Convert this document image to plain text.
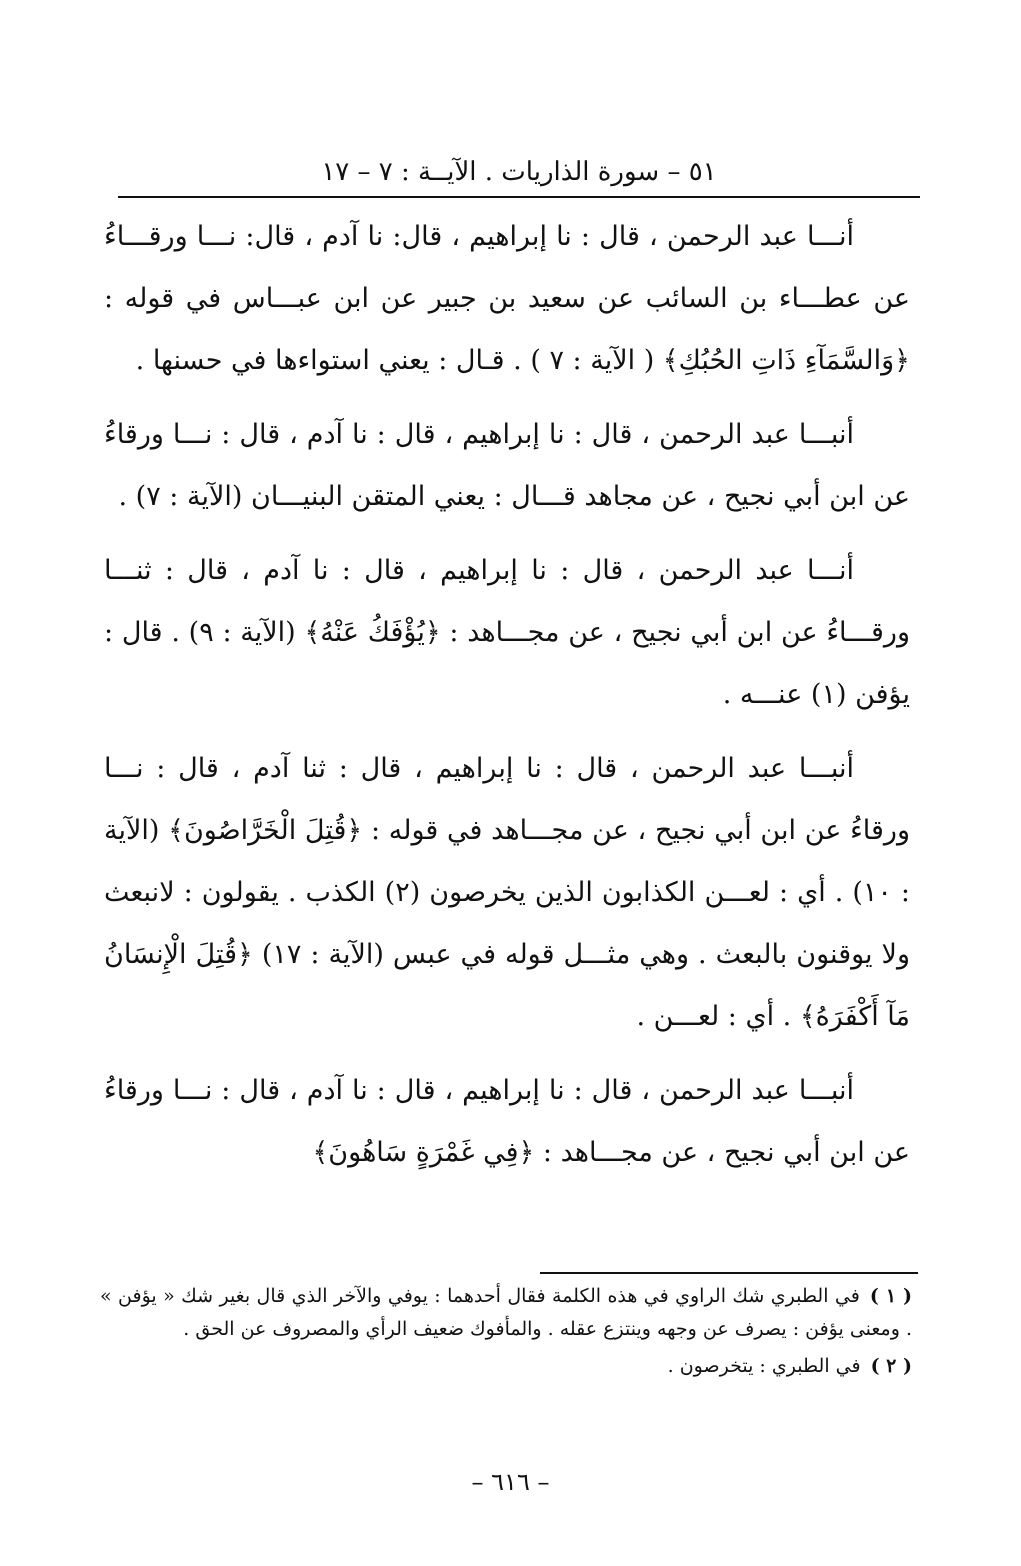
٥١ – سورة الذاريات . الآيــة : ٧ – ١٧

أنـــا عبد الرحمن ، قال : نا إبراهيم ، قال: نا آدم ، قال: نـــا ورقـــاءُ عن عطـــاء بن السائب عن سعيد بن جبير عن ابن عبـــاس في قوله : ﴿وَالسَّمَآءِ ذَاتِ الحُبُكِ﴾ ( الآية : ٧ ) . قـال : يعني استواءها في حسنها .

أنبـــا عبد الرحمن ، قال : نا إبراهيم ، قال : نا آدم ، قال : نـــا ورقاءُ عن ابن أبي نجيح ، عن مجاهد قـــال : يعني المتقن البنيـــان (الآية : ٧) .

أنـــا عبد الرحمن ، قال : نا إبراهيم ، قال : نا آدم ، قال : ثنـــا ورقـــاءُ عن ابن أبي نجيح ، عن مجـــاهد : ﴿يُؤْفَكُ عَنْهُ﴾ (الآية : ٩) . قال : يؤفن (١) عنـــه .

أنبـــا عبد الرحمن ، قال : نا إبراهيم ، قال : ثنا آدم ، قال : نـــا ورقاءُ عن ابن أبي نجيح ، عن مجـــاهد في قوله : ﴿قُتِلَ الْخَرَّاصُونَ﴾ (الآية : ١٠) . أي : لعـــن الكذابون الذين يخرصون (٢) الكذب . يقولون : لانبعث ولا يوقنون بالبعث . وهي مثـــل قوله في عبس (الآية : ١٧) ﴿قُتِلَ الْإِنسَانُ مَآ أَكْفَرَهُ﴾ . أي : لعـــن .

أنبـــا عبد الرحمن ، قال : نا إبراهيم ، قال : نا آدم ، قال : نـــا ورقاءُ عن ابن أبي نجيح ، عن مجـــاهد : ﴿فِي غَمْرَةٍ سَاهُونَ﴾

( ١ )في الطبري شك الراوي في هذه الكلمة فقال أحدهما : يوفي والآخر الذي قال بغير شك « يؤفن » . ومعنى يؤفن : يصرف عن وجهه وينتزع عقله . والمأفوك ضعيف الرأي والمصروف عن الحق .

( ٢ )في الطبري : يتخرصون .

– ٦١٦ –
